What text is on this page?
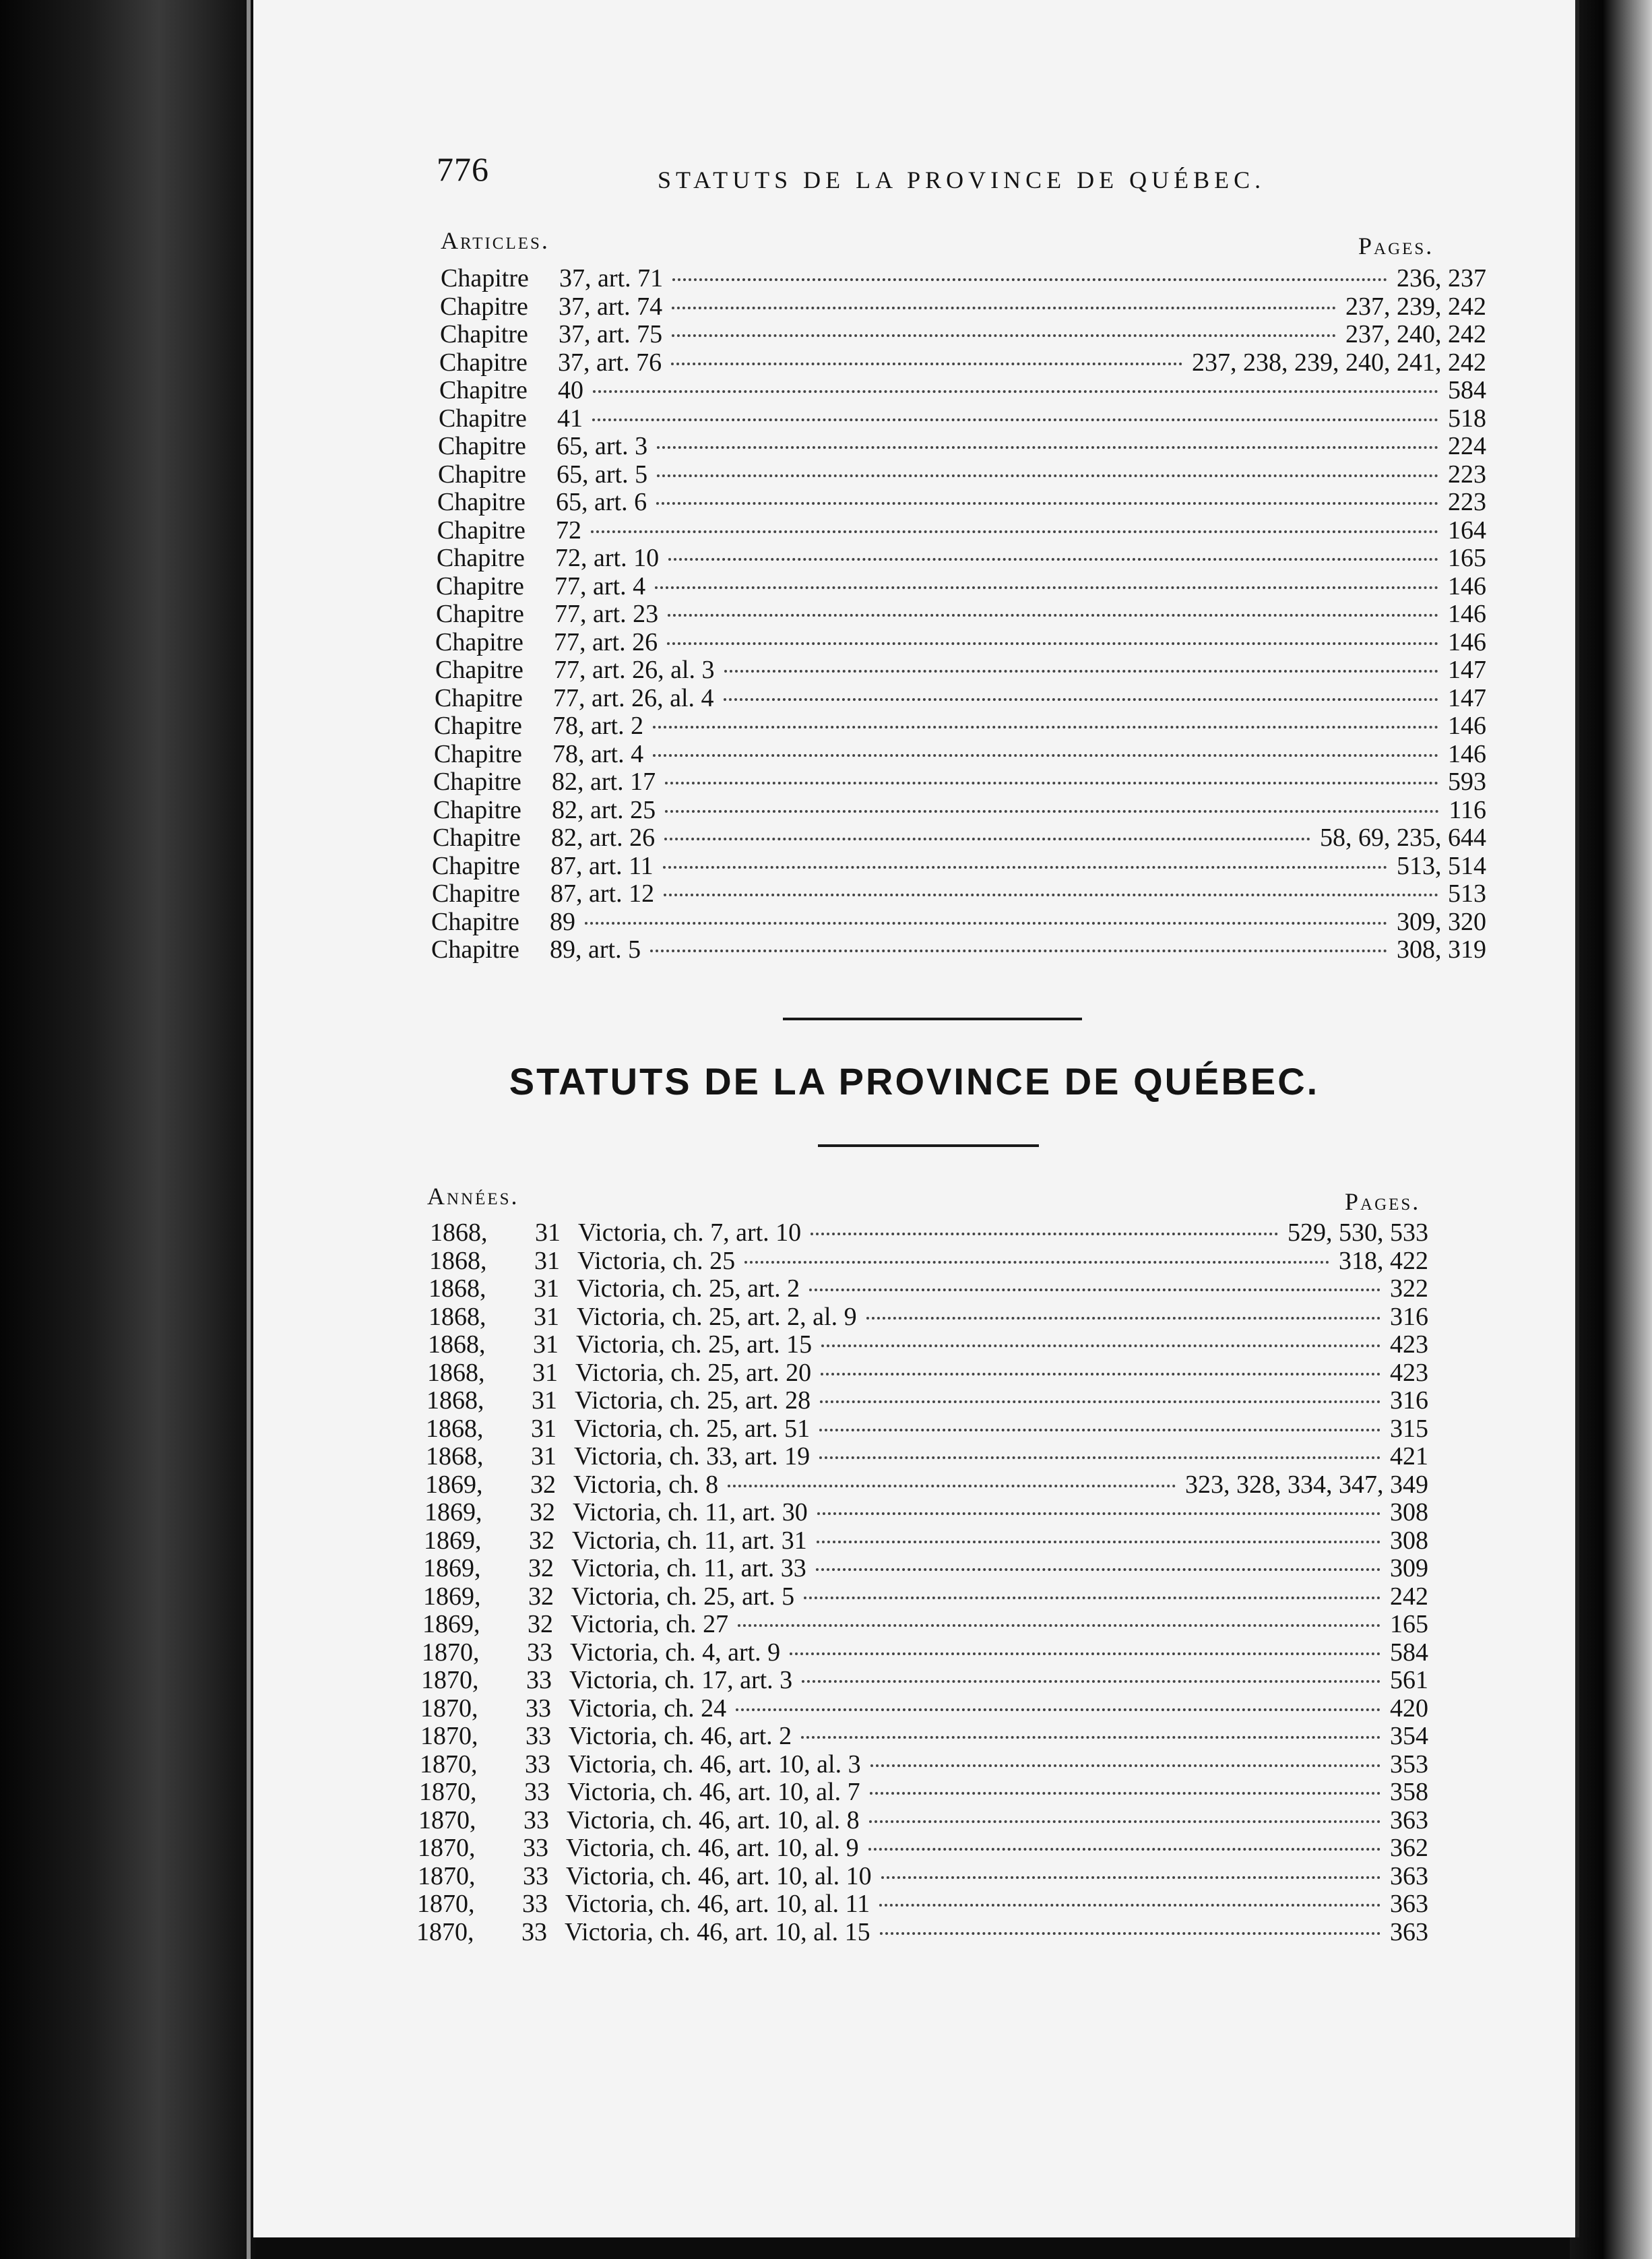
776	STATUTS DE LA PROVINCE DE QUÉBEC.
Articles.	Pages.
Chapitre	37, art. 71	236, 237
Chapitre	37, art. 74	237, 239, 242
Chapitre	37, art. 75	237, 240, 242
Chapitre	37, art. 76	237, 238, 239, 240, 241, 242
Chapitre	40	584
Chapitre	41	518
Chapitre	65, art. 3	224
Chapitre	65, art. 5	223
Chapitre	65, art. 6	223
Chapitre	72	164
Chapitre	72, art. 10	165
Chapitre	77, art. 4	146
Chapitre	77, art. 23	146
Chapitre	77, art. 26	146
Chapitre	77, art. 26, al. 3	147
Chapitre	77, art. 26, al. 4	147
Chapitre	78, art. 2	146
Chapitre	78, art. 4	146
Chapitre	82, art. 17	593
Chapitre	82, art. 25	116
Chapitre	82, art. 26	58, 69, 235, 644
Chapitre	87, art. 11	513, 514
Chapitre	87, art. 12	513
Chapitre	89	309, 320
Chapitre	89, art. 5	308, 319
STATUTS DE LA PROVINCE DE QUÉBEC.
Années.	Pages.
1868,	31 Victoria, ch. 7, art. 10	529, 530, 533
1868,	31 Victoria, ch. 25	318, 422
1868,	31 Victoria, ch. 25, art. 2	322
1868,	31 Victoria, ch. 25, art. 2, al. 9	316
1868,	31 Victoria, ch. 25, art. 15	423
1868,	31 Victoria, ch. 25, art. 20	423
1868,	31 Victoria, ch. 25, art. 28	316
1868,	31 Victoria, ch. 25, art. 51	315
1868,	31 Victoria, ch. 33, art. 19	421
1869,	32 Victoria, ch. 8	323, 328, 334, 347, 349
1869,	32 Victoria, ch. 11, art. 30	308
1869,	32 Victoria, ch. 11, art. 31	308
1869,	32 Victoria, ch. 11, art. 33	309
1869,	32 Victoria, ch. 25, art. 5	242
1869,	32 Victoria, ch. 27	165
1870,	33 Victoria, ch. 4, art. 9	584
1870,	33 Victoria, ch. 17, art. 3	561
1870,	33 Victoria, ch. 24	420
1870,	33 Victoria, ch. 46, art. 2	354
1870,	33 Victoria, ch. 46, art. 10, al. 3	353
1870,	33 Victoria, ch. 46, art. 10, al. 7	358
1870,	33 Victoria, ch. 46, art. 10, al. 8	363
1870,	33 Victoria, ch. 46, art. 10, al. 9	362
1870,	33 Victoria, ch. 46, art. 10, al. 10	363
1870,	33 Victoria, ch. 46, art. 10, al. 11	363
1870,	33 Victoria, ch. 46, art. 10, al. 15	363
